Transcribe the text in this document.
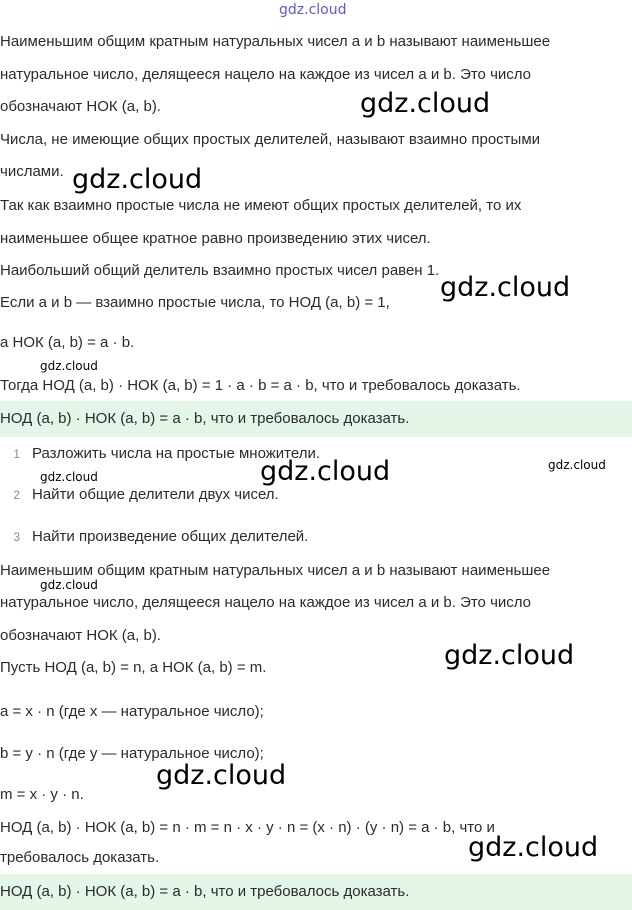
gdz.cloud
Наименьшим общим кратным натуральных чисел a и b называют наименьшее
натуральное число, делящееся нацело на каждое из чисел a и b. Это число
обозначают НОК (a, b).
Числа, не имеющие общих простых делителей, называют взаимно простыми
числами.
Так как взаимно простые числа не имеют общих простых делителей, то их
наименьшее общее кратное равно произведению этих чисел.
Наибольший общий делитель взаимно простых чисел равен 1.
Если a и b — взаимно простые числа, то НОД (a, b) = 1,
а НОК (a, b) = a · b.
Тогда НОД (a, b) · НОК (a, b) = 1 · a · b = a · b, что и требовалось доказать.
НОД (a, b) · НОК (a, b) = a · b, что и требовалось доказать.
1 Разложить числа на простые множители.
2 Найти общие делители двух чисел.
3 Найти произведение общих делителей.
Наименьшим общим кратным натуральных чисел a и b называют наименьшее
натуральное число, делящееся нацело на каждое из чисел a и b. Это число
обозначают НОК (a, b).
Пусть НОД (a, b) = n, а НОК (a, b) = m.
a = x · n (где x — натуральное число);
b = y · n (где y — натуральное число);
m = x · y · n.
НОД (a, b) · НОК (a, b) = n · m = n · x · y · n = (x · n) · (y · n) = a · b, что и
требовалось доказать.
НОД (a, b) · НОК (a, b) = a · b, что и требовалось доказать.
gdz.cloud
gdz.cloud
gdz.cloud
gdz.cloud
gdz.cloud	gdz.cloud	gdz.cloud
gdz.cloud
gdz.cloud
gdz.cloud
gdz.cloud
